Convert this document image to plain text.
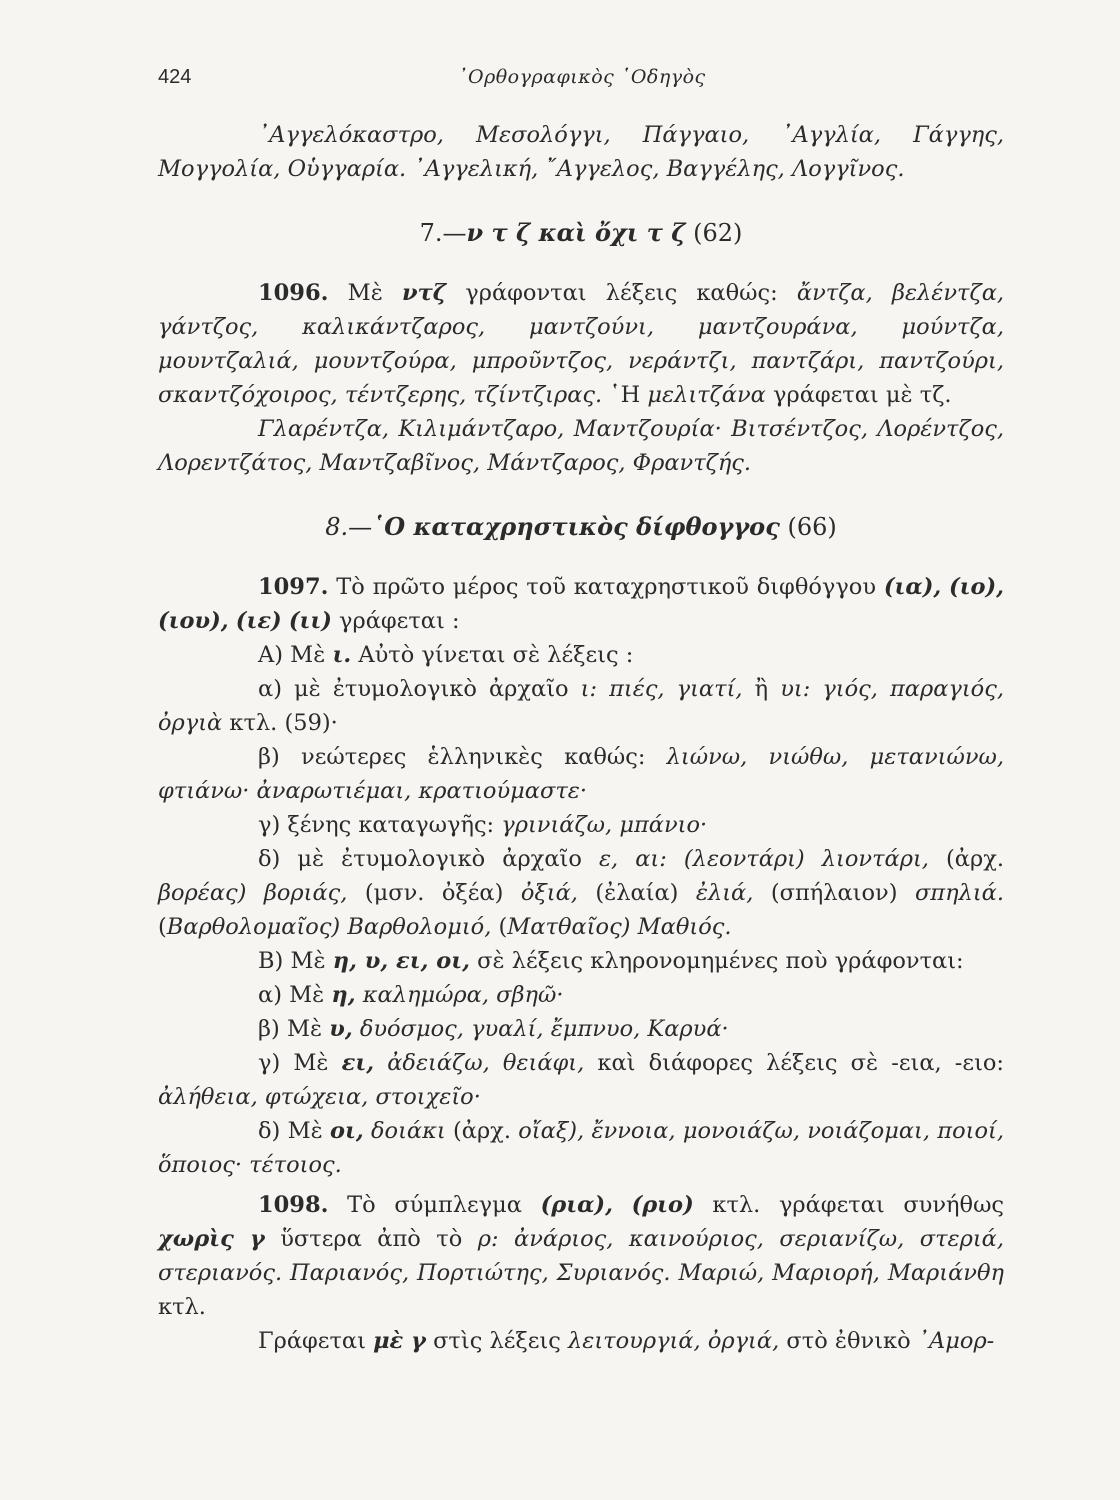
424	᾿Ορθογραφικὸς ῾Οδηγὸς

᾿Αγγελόκαστρο, Μεσολόγγι, Πάγγαιο, ᾿Αγγλία, Γάγγης, Μογγολία, Οὑγγαρία. ᾿Αγγελική, ῎Αγγελος, Βαγγέλης, Λογγῖνος.

7.—ν τ ζ καὶ ὄχι τ ζ (62)

1096. Μὲ ντζ γράφονται λέξεις καθώς: ἄντζα, βελέντζα, γάντζος, καλικάντζαρος, μαντζούνι, μαντζουράνα, μούντζα, μουντζαλιά, μουντζούρα, μπροῦντζος, νεράντζι, παντζάρι, παντζούρι, σκαντζόχοιρος, τέντζερης, τζίντζιρας. ῾Η μελιτζάνα γράφεται μὲ τζ.

Γλαρέντζα, Κιλιμάντζαρο, Μαντζουρία· Βιτσέντζος, Λορέντζος, Λορεντζάτος, Μαντζαβῖνος, Μάντζαρος, Φραντζής.

8.—῾Ο καταχρηστικὸς δίφθογγος (66)

1097. Τὸ πρῶτο μέρος τοῦ καταχρηστικοῦ διφθόγγου (ια), (ιο), (ιου), (ιε) (ιι) γράφεται :

Α) Μὲ ι. Αὐτὸ γίνεται σὲ λέξεις :

α) μὲ ἐτυμολογικὸ ἀρχαῖο ι: πιές, γιατί, ἢ υι: γιός, παραγιός, ὀργιὰ κτλ. (59)·

β) νεώτερες ἑλληνικὲς καθώς: λιώνω, νιώθω, μετανιώνω, φτιάνω· ἀναρωτιέμαι, κρατιούμαστε·

γ) ξένης καταγωγῆς: γρινιάζω, μπάνιο·

δ) μὲ ἐτυμολογικὸ ἀρχαῖο ε, αι: (λεοντάρι) λιοντάρι, (ἀρχ. βορέας) βοριάς, (μσν. ὀξέα) ὀξιά, (ἐλαία) ἐλιά, (σπήλαιον) σπηλιά. (Βαρθολομαῖος) Βαρθολομιό, (Ματθαῖος) Μαθιός.

Β) Μὲ η, υ, ει, οι, σὲ λέξεις κληρονομημένες ποὺ γράφονται:

α) Μὲ η, καλημώρα, σβηῶ·

β) Μὲ υ, δυόσμος, γυαλί, ἔμπνυο, Καρυά·

γ) Μὲ ει, ἀδειάζω, θειάφι, καὶ διάφορες λέξεις σὲ -εια, -ειο: ἀλήθεια, φτώχεια, στοιχεῖο·

δ) Μὲ οι, δοιάκι (ἀρχ. οἴαξ), ἔννοια, μονοιάζω, νοιάζομαι, ποιοί, ὅποιος· τέτοιος.

1098. Τὸ σύμπλεγμα (ρια), (ριο) κτλ. γράφεται συνήθως χωρὶς γ ὕστερα ἀπὸ τὸ ρ: ἀνάριος, καινούριος, σεριανίζω, στεριά, στεριανός. Παριανός, Πορτιώτης, Συριανός. Μαριώ, Μαριορή, Μαριάνθη κτλ.

Γράφεται μὲ γ στὶς λέξεις λειτουργιά, ὀργιά, στὸ ἐθνικὸ ᾿Αμορ-
